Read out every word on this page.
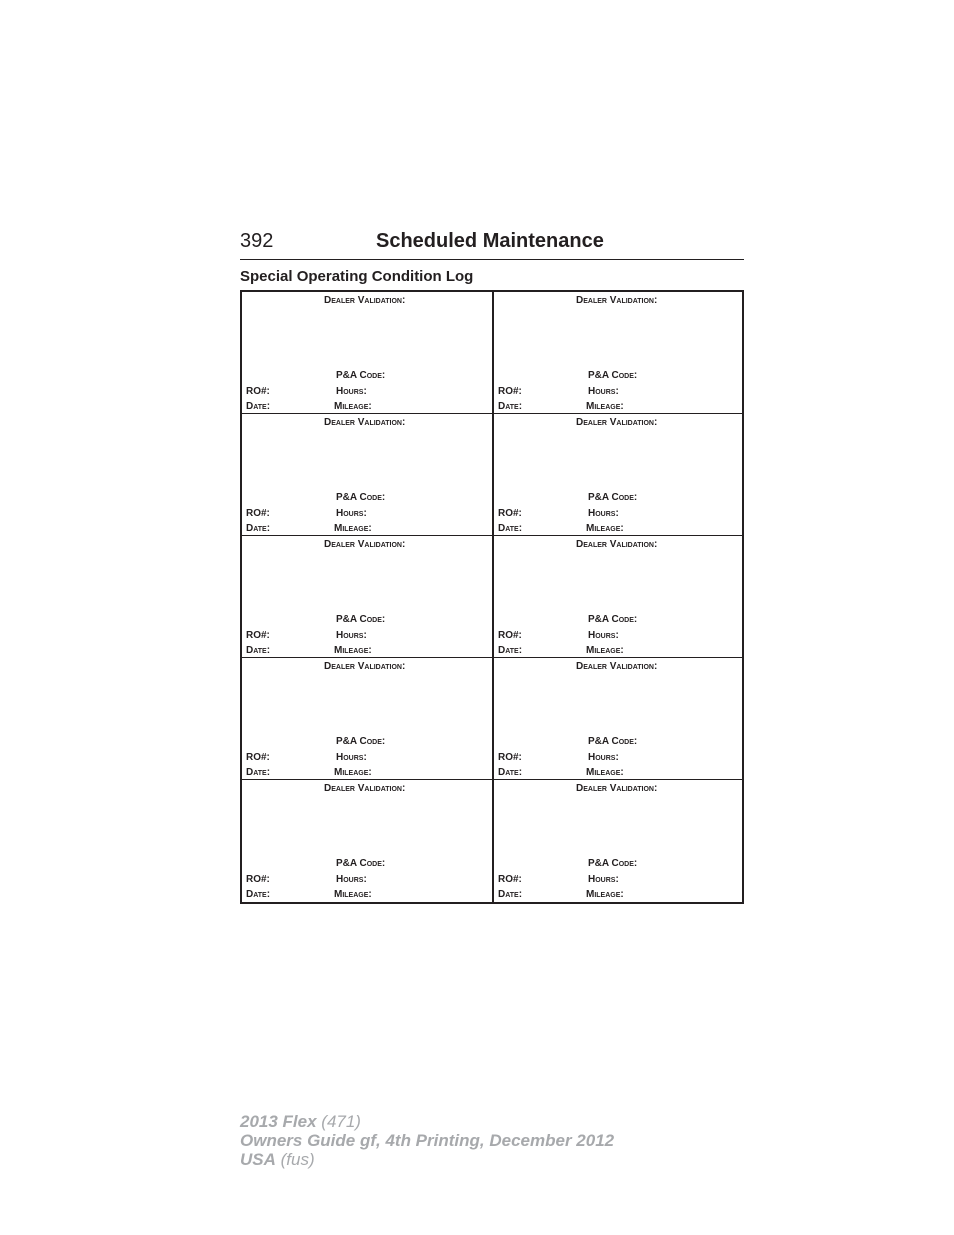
392	Scheduled Maintenance
Special Operating Condition Log
Dealer Validation:
P&A Code:
RO#:	Hours:
Date:	Mileage:
Dealer Validation:
P&A Code:
RO#:	Hours:
Date:	Mileage:
Dealer Validation:
P&A Code:
RO#:	Hours:
Date:	Mileage:
Dealer Validation:
P&A Code:
RO#:	Hours:
Date:	Mileage:
Dealer Validation:
P&A Code:
RO#:	Hours:
Date:	Mileage:
Dealer Validation:
P&A Code:
RO#:	Hours:
Date:	Mileage:
Dealer Validation:
P&A Code:
RO#:	Hours:
Date:	Mileage:
Dealer Validation:
P&A Code:
RO#:	Hours:
Date:	Mileage:
Dealer Validation:
P&A Code:
RO#:	Hours:
Date:	Mileage:
Dealer Validation:
P&A Code:
RO#:	Hours:
Date:	Mileage:
2013 Flex (471)
Owners Guide gf, 4th Printing, December 2012
USA (fus)
